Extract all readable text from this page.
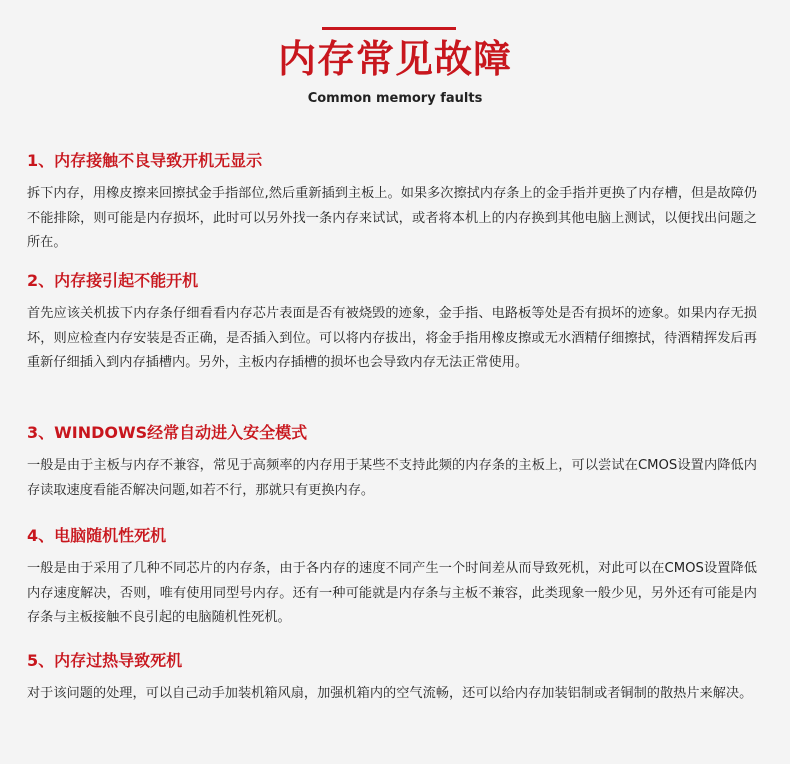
内存常见故障
Common memory faults
1、内存接触不良导致开机无显示

拆下内存，用橡皮擦来回擦拭金手指部位,然后重新插到主板上。如果多次擦拭内存条上的金手指并更换了内存槽，但是故障仍不能排除，则可能是内存损坏，此时可以另外找一条内存来试试，或者将本机上的内存换到其他电脑上测试，以便找出问题之所在。

2、内存接引起不能开机

首先应该关机拔下内存条仔细看看内存芯片表面是否有被烧毁的迹象，金手指、电路板等处是否有损坏的迹象。如果内存无损坏，则应检查内存安装是否正确，是否插入到位。可以将内存拔出，将金手指用橡皮擦或无水酒精仔细擦拭，待酒精挥发后再重新仔细插入到内存插槽内。另外，主板内存插槽的损坏也会导致内存无法正常使用。

3、WINDOWS经常自动进入安全模式

一般是由于主板与内存不兼容，常见于高频率的内存用于某些不支持此频的内存条的主板上，可以尝试在CMOS设置内降低内存读取速度看能否解决问题,如若不行，那就只有更换内存。

4、电脑随机性死机

一般是由于采用了几种不同芯片的内存条，由于各内存的速度不同产生一个时间差从而导致死机，对此可以在CMOS设置降低内存速度解决，否则，唯有使用同型号内存。还有一种可能就是内存条与主板不兼容，此类现象一般少见，另外还有可能是内存条与主板接触不良引起的电脑随机性死机。

5、内存过热导致死机

对于该问题的处理，可以自己动手加装机箱风扇，加强机箱内的空气流畅，还可以给内存加装铝制或者铜制的散热片来解决。
